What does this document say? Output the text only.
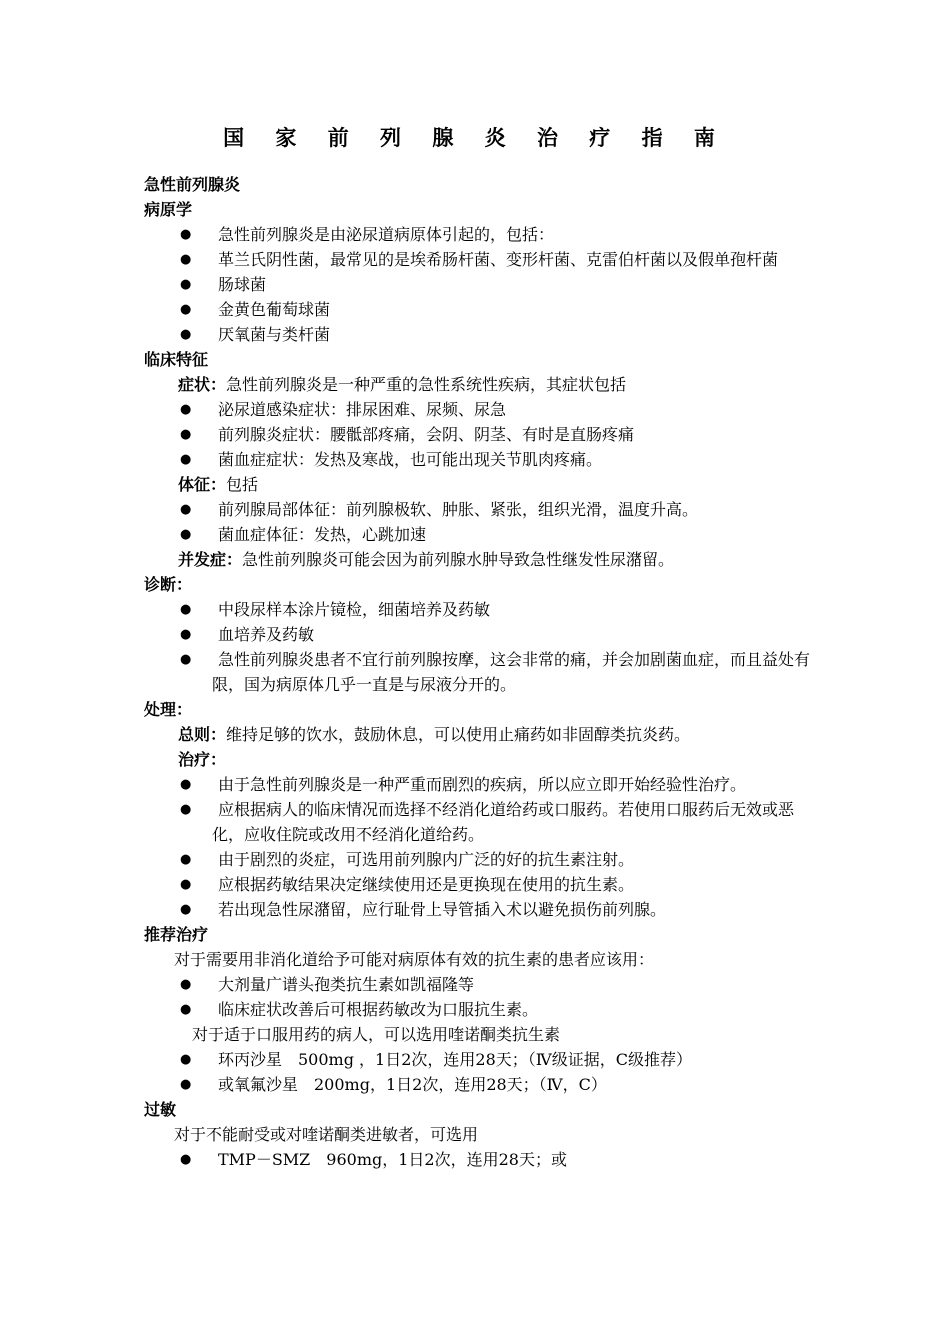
国 家 前 列 腺 炎 治 疗 指 南
急性前列腺炎
病原学
●	急性前列腺炎是由泌尿道病原体引起的，包括：
●	革兰氏阴性菌，最常见的是埃希肠杆菌、变形杆菌、克雷伯杆菌以及假单孢杆菌
●	肠球菌
●	金黄色葡萄球菌
●	厌氧菌与类杆菌
临床特征
症状：急性前列腺炎是一种严重的急性系统性疾病，其症状包括
●	泌尿道感染症状：排尿困难、尿频、尿急
●	前列腺炎症状：腰骶部疼痛，会阴、阴茎、有时是直肠疼痛
●	菌血症症状：发热及寒战，也可能出现关节肌肉疼痛。
体征：包括
●	前列腺局部体征：前列腺极软、肿胀、紧张，组织光滑，温度升高。
●	菌血症体征：发热，心跳加速
并发症：急性前列腺炎可能会因为前列腺水肿导致急性继发性尿潴留。
诊断：
●	中段尿样本涂片镜检，细菌培养及药敏
●	血培养及药敏
●	急性前列腺炎患者不宜行前列腺按摩，这会非常的痛，并会加剧菌血症，而且益处有限，国为病原体几乎一直是与尿液分开的。
处理：
总则：维持足够的饮水，鼓励休息，可以使用止痛药如非固醇类抗炎药。
治疗：
●	由于急性前列腺炎是一种严重而剧烈的疾病，所以应立即开始经验性治疗。
●	应根据病人的临床情况而选择不经消化道给药或口服药。若使用口服药后无效或恶化，应收住院或改用不经消化道给药。
●	由于剧烈的炎症，可选用前列腺内广泛的好的抗生素注射。
●	应根据药敏结果决定继续使用还是更换现在使用的抗生素。
●	若出现急性尿潴留，应行耻骨上导管插入术以避免损伤前列腺。
推荐治疗
对于需要用非消化道给予可能对病原体有效的抗生素的患者应该用：
●	大剂量广谱头孢类抗生素如凯福隆等
●	临床症状改善后可根据药敏改为口服抗生素。
对于适于口服用药的病人，可以选用喹诺酮类抗生素
●	环丙沙星　500mg ，1日2次，连用28天；（Ⅳ级证据，C级推荐）
●	或氧氟沙星　200mg，1日2次，连用28天；（Ⅳ，C）
过敏
对于不能耐受或对喹诺酮类进敏者，可选用
●	TMP－SMZ　960mg，1日2次，连用28天；或
